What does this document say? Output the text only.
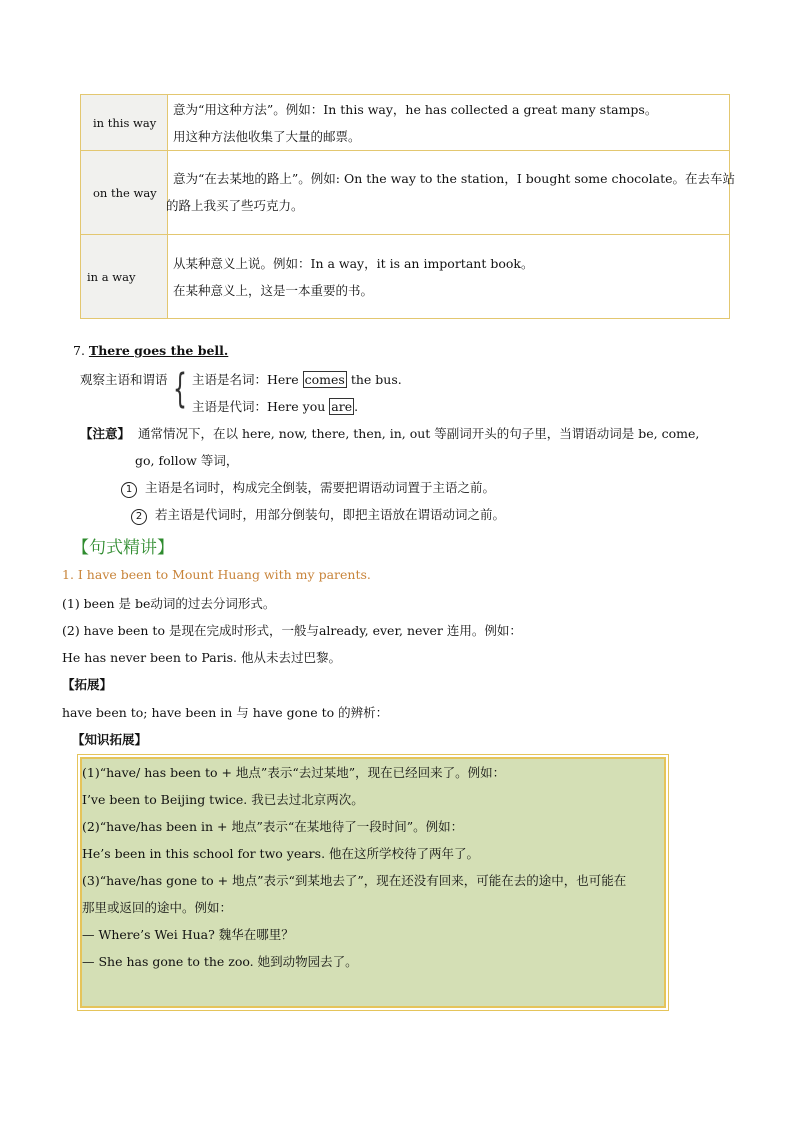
in this way	意为“用这种方法”。例如：In this way，he has collected a great many stamps。
用这种方法他收集了大量的邮票。

on the way	意为“在去某地的路上”。例如: On the way to the station，I bought some chocolate。在去车站
的路上我买了些巧克力。

in a way	从某种意义上说。例如：In a way，it is an important book。
在某种意义上，这是一本重要的书。
7. There goes the bell.
观察主语和谓语 { 主语是名词：Here comes the bus.
主语是代词：Here you are .
【注意】 通常情况下，在以 here, now, there, then, in, out 等副词开头的句子里，当谓语动词是 be, come,
go, follow 等词，
1 主语是名词时，构成完全倒装，需要把谓语动词置于主语之前。
2 若主语是代词时，用部分倒装句，即把主语放在谓语动词之前。
【句式精讲】
1. I have been to Mount Huang with my parents.
(1) been 是 be动词的过去分词形式。
(2) have been to 是现在完成时形式，一般与already, ever, never 连用。例如：
He has never been to Paris. 他从未去过巴黎。
【拓展】
have been to; have been in 与 have gone to 的辨析：
【知识拓展】
(1)“have/ has been to + 地点”表示“去过某地”，现在已经回来了。例如：
I’ve been to Beijing twice. 我已去过北京两次。
(2)“have/has been in + 地点”表示“在某地待了一段时间”。例如：
He’s been in this school for two years. 他在这所学校待了两年了。
(3)“have/has gone to + 地点”表示“到某地去了”，现在还没有回来，可能在去的途中，也可能在
那里或返回的途中。例如：
— Where’s Wei Hua? 魏华在哪里？
— She has gone to the zoo. 她到动物园去了。
